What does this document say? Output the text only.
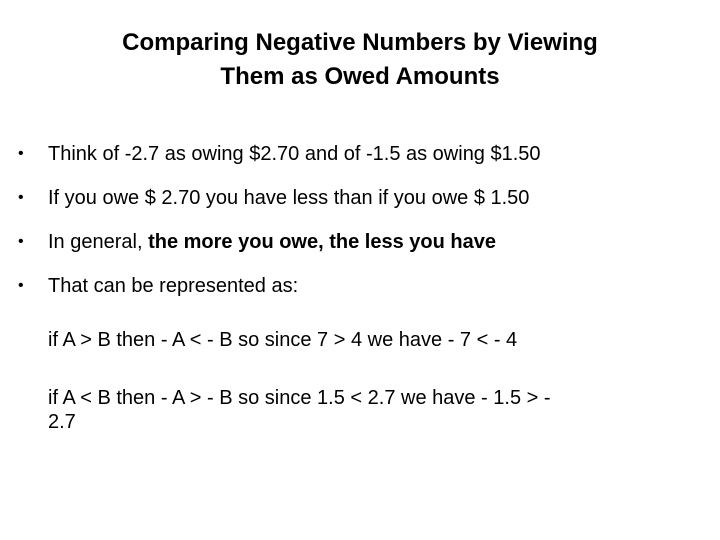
Comparing Negative Numbers by Viewing
Them as Owed Amounts
•	Think of -2.7 as owing $2.70 and of -1.5 as owing $1.50
•	If you owe $ 2.70 you have less than if you owe $ 1.50
•	In general, the more you owe, the less you have
•	That can be represented as:
if A > B then - A < - B so since 7 > 4 we have - 7 < - 4
if A < B then - A > - B so since 1.5 < 2.7 we have - 1.5 > -
2.7
